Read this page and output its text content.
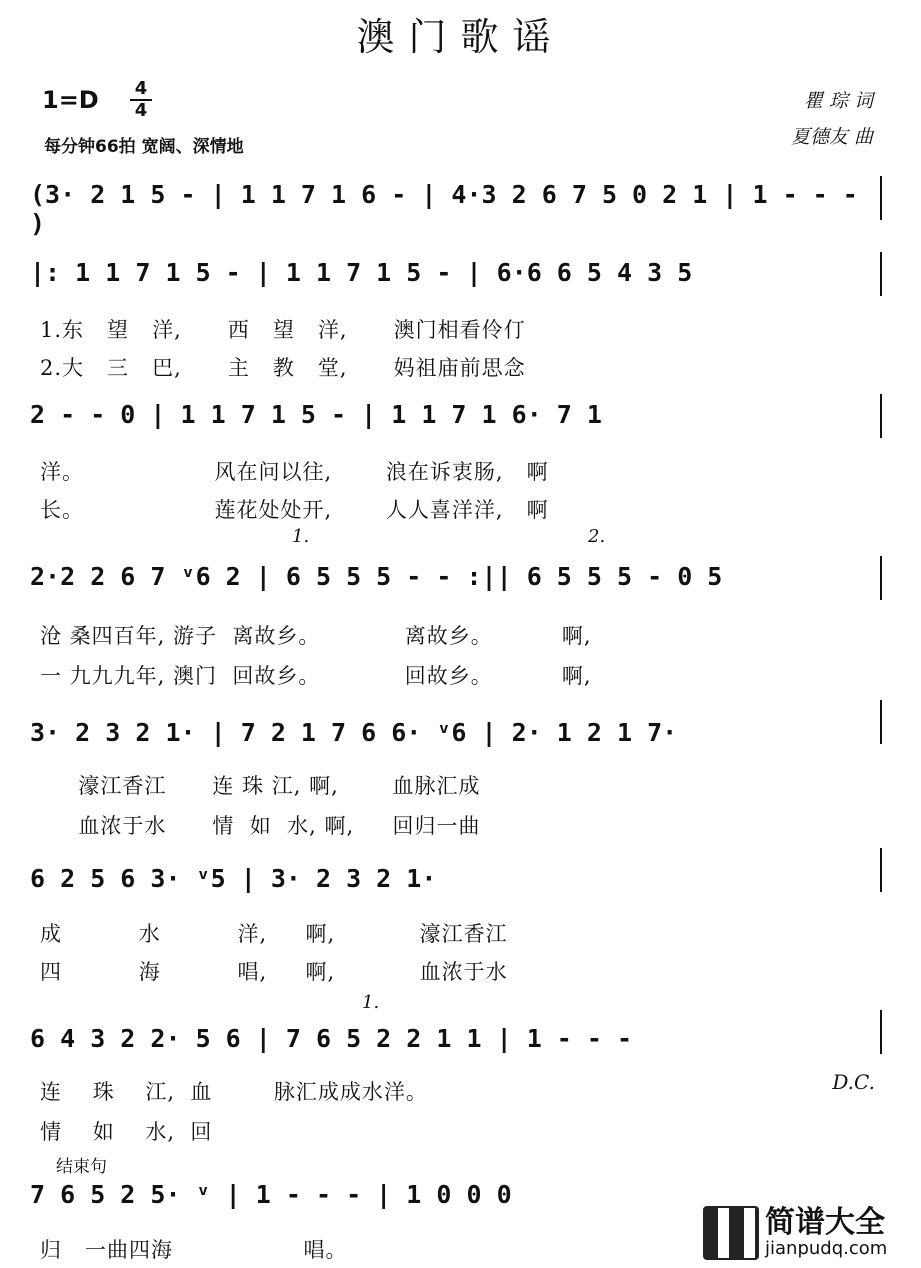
澳门歌谣
1=D 4
4
每分钟66拍 宽阔、深情地
瞿 琮 词
夏德友 曲
(3· 2 1 5 - | 1 1 7 1 6 - | 4·3 2 6 7 5 0 2 1 | 1 - - - )
|: 1 1 7 1 5 - | 1 1 7 1 5 - | 6·6 6 5 4 3 5
1.东   望   洋,      西   望   洋,      澳门相看伶仃
2.大   三   巴,      主   教   堂,      妈祖庙前思念
2 - - 0 | 1 1 7 1 5 - | 1 1 7 1 6· 7 1
洋。                 风在问以往,       浪在诉衷肠,   啊
长。                 莲花处处开,       人人喜洋洋,   啊
1.	2.
2·2 2 6 7 ᵛ6 2 | 6 5 5 5 - - :|| 6 5 5 5 - 0 5
沧 桑四百年, 游子  离故乡。           离故乡。         啊,
一 九九九年, 澳门  回故乡。           回故乡。         啊,
3· 2 3 2 1· | 7 2 1 7 6 6· ᵛ6 | 2· 1 2 1 7·
濠江香江      连 珠 江, 啊,       血脉汇成
血浓于水      情  如  水, 啊,     回归一曲
6 2 5 6 3· ᵛ5 | 3· 2 3 2 1·
成          水          洋,     啊,           濠江香江
四          海          唱,     啊,           血浓于水
1.
6 4 3 2 2· 5 6 | 7 6 5 2 2 1 1 | 1 - - -
D.C.
连    珠    江,  血        脉汇成成水洋。
情    如    水,  回
结束句
7 6 5 2 5· ᵛ | 1 - - - | 1 0 0 0
归   一曲四海                 唱。
简谱大全
jianpudq.com
